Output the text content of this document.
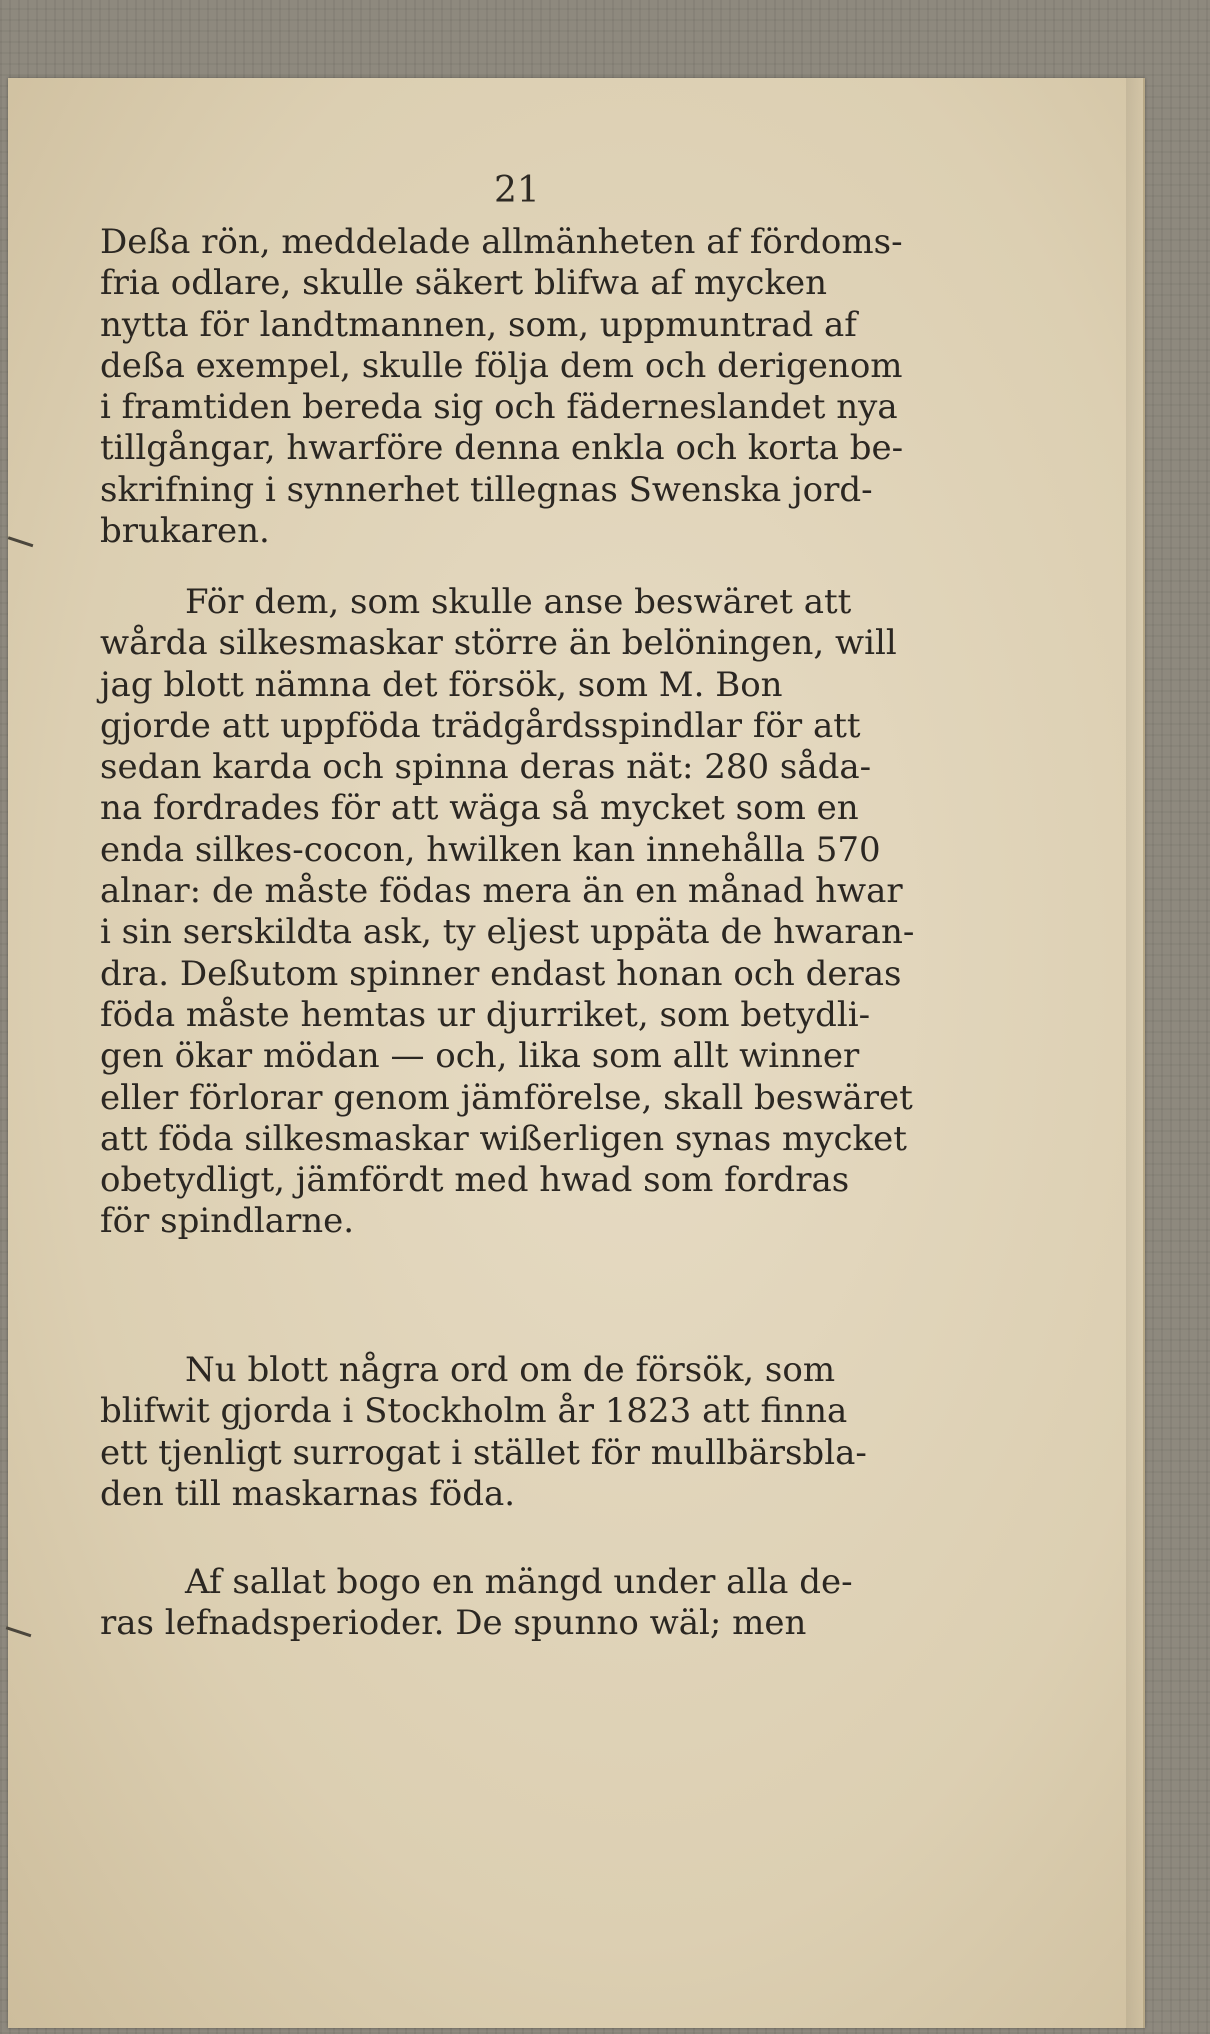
21
Deßa rön, meddelade allmänheten af fördoms-
fria odlare, skulle säkert blifwa af mycken
nytta för landtmannen, som, uppmuntrad af
deßa exempel, skulle följa dem och derigenom
i framtiden bereda sig och fäderneslandet nya
tillgångar, hwarföre denna enkla och korta be-
skrifning i synnerhet tillegnas Swenska jord-
brukaren.
För dem, som skulle anse beswäret att
wårda silkesmaskar större än belöningen, will
jag blott nämna det försök, som M. Bon
gjorde att uppföda trädgårdsspindlar för att
sedan karda och spinna deras nät: 280 såda-
na fordrades för att wäga så mycket som en
enda silkes-cocon, hwilken kan innehålla 570
alnar: de måste födas mera än en månad hwar
i sin serskildta ask, ty eljest uppäta de hwaran-
dra. Deßutom spinner endast honan och deras
föda måste hemtas ur djurriket, som betydli-
gen ökar mödan — och, lika som allt winner
eller förlorar genom jämförelse, skall beswäret
att föda silkesmaskar wißerligen synas mycket
obetydligt, jämfördt med hwad som fordras
för spindlarne.
Nu blott några ord om de försök, som
blifwit gjorda i Stockholm år 1823 att finna
ett tjenligt surrogat i stället för mullbärsbla-
den till maskarnas föda.
Af sallat bogo en mängd under alla de-
ras lefnadsperioder. De spunno wäl; men
